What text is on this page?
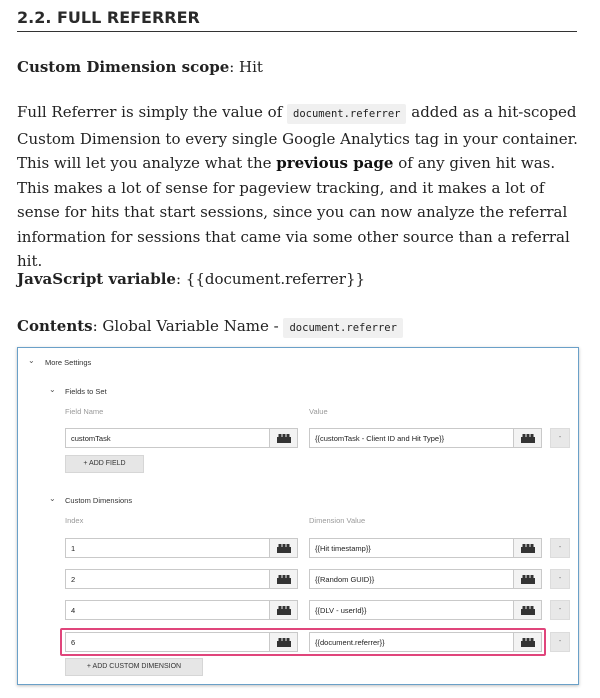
2.2. FULL REFERRER
Custom Dimension scope: Hit
Full Referrer is simply the value of document.referrer added as a hit-scoped Custom Dimension to every single Google Analytics tag in your container. This will let you analyze what the previous page of any given hit was. This makes a lot of sense for pageview tracking, and it makes a lot of sense for hits that start sessions, since you can now analyze the referral information for sessions that came via some other source than a referral hit.
JavaScript variable: {{document.referrer}}
Contents: Global Variable Name - document.referrer
⌄ More Settings
⌄ Fields to Set
Field Name	Value
customTask	{{customTask - Client ID and Hit Type}}	-
+ ADD FIELD
⌄ Custom Dimensions
Index	Dimension Value
1	{{Hit timestamp}}	-
2	{{Random GUID}}	-
4	{{DLV - userId}}	-
6	{{document.referrer}}	-
+ ADD CUSTOM DIMENSION
